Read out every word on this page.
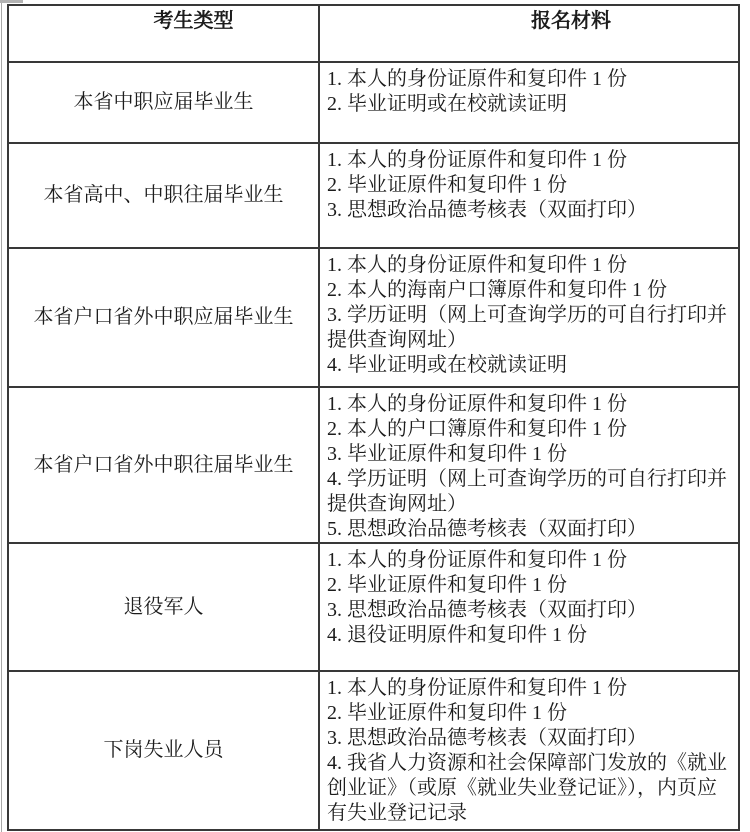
考生类型	报名材料
本省中职应届毕业生	1. 本人的身份证原件和复印件 1 份
2. 毕业证明或在校就读证明

本省高中、中职往届毕业生	1. 本人的身份证原件和复印件 1 份
2. 毕业证原件和复印件 1 份
3. 思想政治品德考核表（双面打印）

本省户口省外中职应届毕业生	1. 本人的身份证原件和复印件 1 份
2. 本人的海南户口簿原件和复印件 1 份
3. 学历证明（网上可查询学历的可自行打印并提供查询网址）
4. 毕业证明或在校就读证明

本省户口省外中职往届毕业生	1. 本人的身份证原件和复印件 1 份
2. 本人的户口簿原件和复印件 1 份
3. 毕业证原件和复印件 1 份
4. 学历证明（网上可查询学历的可自行打印并提供查询网址）
5. 思想政治品德考核表（双面打印）

退役军人	1. 本人的身份证原件和复印件 1 份
2. 毕业证原件和复印件 1 份
3. 思想政治品德考核表（双面打印）
4. 退役证明原件和复印件 1 份

下岗失业人员	1. 本人的身份证原件和复印件 1 份
2. 毕业证原件和复印件 1 份
3. 思想政治品德考核表（双面打印）
4. 我省人力资源和社会保障部门发放的《就业创业证》（或原《就业失业登记证》），内页应有失业登记记录
